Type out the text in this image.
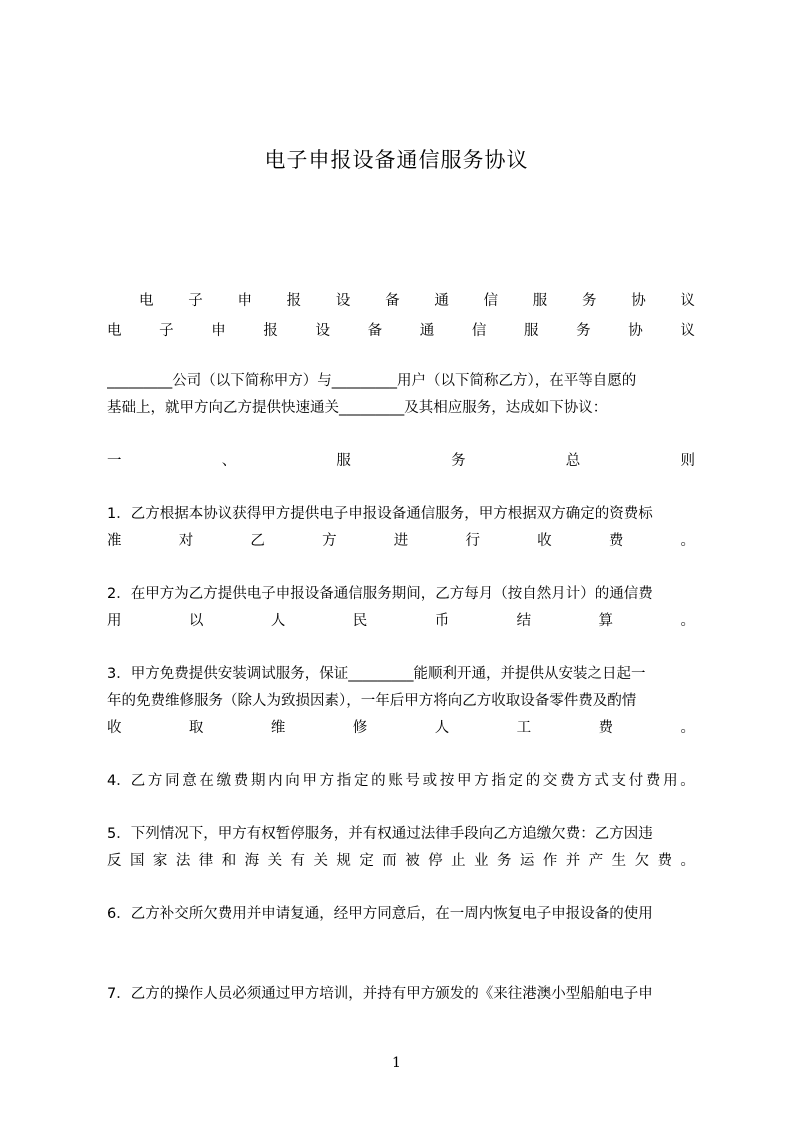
电子申报设备通信服务协议
电 子 申 报 设 备 通 信 服 务 协 议
电	子	申	报	设	备	通	信	服	务	协	议
_________公司（以下简称甲方）与_________用户（以下简称乙方），在平等自愿的
基础上，就甲方向乙方提供快速通关_________及其相应服务，达成如下协议：
一	、	服	务	总	则
1．乙方根据本协议获得甲方提供电子申报设备通信服务，甲方根据双方确定的资费标
准	对	乙	方	进	行	收	费	。
2．在甲方为乙方提供电子申报设备通信服务期间，乙方每月（按自然月计）的通信费
用	以	人	民	币	结	算	。
3．甲方免费提供安装调试服务，保证_________能顺利开通，并提供从安装之日起一
年的免费维修服务（除人为致损因素），一年后甲方将向乙方收取设备零件费及酌情
收	取	维	修	人	工	费	。
4．乙 方 同 意 在 缴 费 期 内 向 甲 方 指 定 的 账 号 或 按 甲 方 指 定 的 交 费 方 式 支 付 费 用 。
5．下列情况下，甲方有权暂停服务，并有权通过法律手段向乙方追缴欠费：乙方因违
反 国 家 法 律 和 海 关 有 关 规 定 而 被 停 止 业 务 运 作 并 产 生 欠 费 。
6．乙方补交所欠费用并申请复通，经甲方同意后，在一周内恢复电子申报设备的使用
7．乙方的操作人员必须通过甲方培训，并持有甲方颁发的《来往港澳小型船舶电子申
1
